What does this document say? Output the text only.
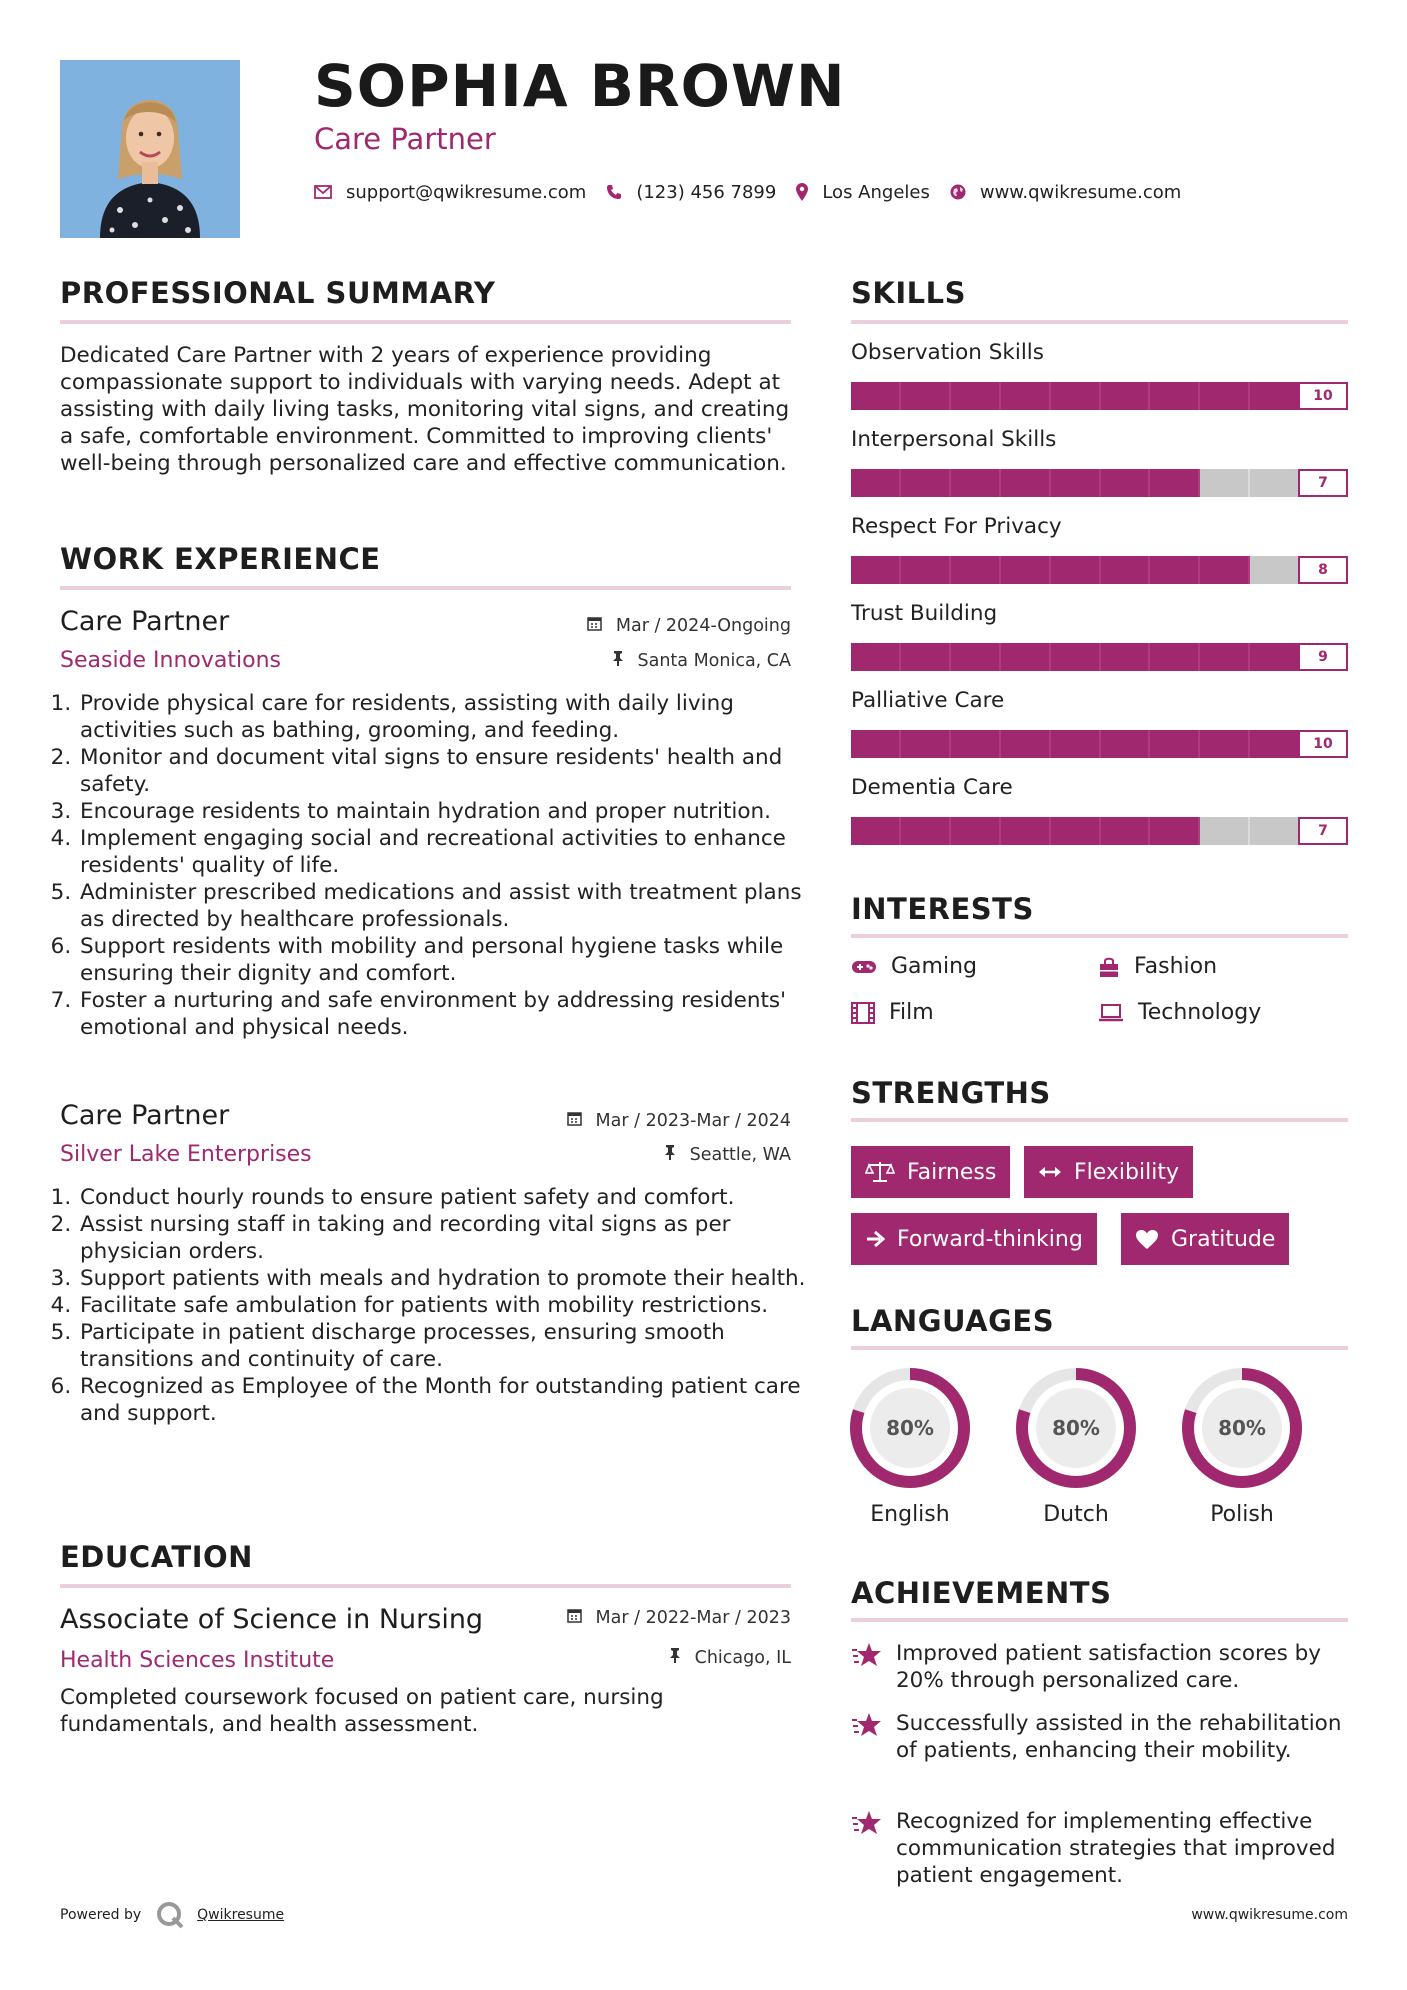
SOPHIA BROWN
Care Partner
support@qwikresume.com	(123) 456 7899	Los Angeles	www.qwikresume.com
PROFESSIONAL SUMMARY
Dedicated Care Partner with 2 years of experience providing compassionate support to individuals with varying needs. Adept at assisting with daily living tasks, monitoring vital signs, and creating a safe, comfortable environment. Committed to improving clients' well-being through personalized care and effective communication.
WORK EXPERIENCE
Care Partner	Mar / 2024-Ongoing
Seaside Innovations	Santa Monica, CA
1. Provide physical care for residents, assisting with daily living activities such as bathing, grooming, and feeding.
2. Monitor and document vital signs to ensure residents' health and safety.
3. Encourage residents to maintain hydration and proper nutrition.
4. Implement engaging social and recreational activities to enhance residents' quality of life.
5. Administer prescribed medications and assist with treatment plans as directed by healthcare professionals.
6. Support residents with mobility and personal hygiene tasks while ensuring their dignity and comfort.
7. Foster a nurturing and safe environment by addressing residents' emotional and physical needs.
Care Partner	Mar / 2023-Mar / 2024
Silver Lake Enterprises	Seattle, WA
1. Conduct hourly rounds to ensure patient safety and comfort.
2. Assist nursing staff in taking and recording vital signs as per physician orders.
3. Support patients with meals and hydration to promote their health.
4. Facilitate safe ambulation for patients with mobility restrictions.
5. Participate in patient discharge processes, ensuring smooth transitions and continuity of care.
6. Recognized as Employee of the Month for outstanding patient care and support.
EDUCATION
Associate of Science in Nursing	Mar / 2022-Mar / 2023
Health Sciences Institute	Chicago, IL
Completed coursework focused on patient care, nursing fundamentals, and health assessment.
SKILLS
Observation Skills
10
Interpersonal Skills
7
Respect For Privacy
8
Trust Building
9
Palliative Care
10
Dementia Care
7
INTERESTS
Gaming	Fashion
Film	Technology
STRENGTHS
Fairness	Flexibility
Forward-thinking	Gratitude
LANGUAGES
80%
English
80%
Dutch
80%
Polish
ACHIEVEMENTS
Improved patient satisfaction scores by 20% through personalized care.
Successfully assisted in the rehabilitation of patients, enhancing their mobility.
Recognized for implementing effective communication strategies that improved patient engagement.
Powered by	Qwikresume	www.qwikresume.com
